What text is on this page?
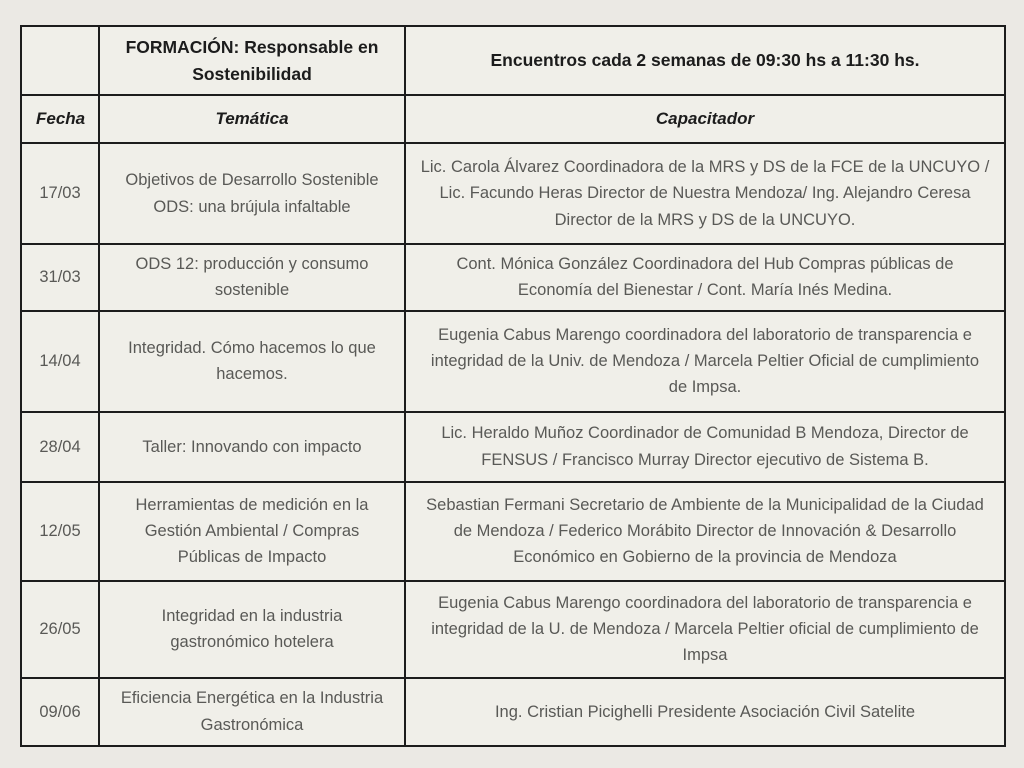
	FORMACIÓN: Responsable en Sostenibilidad	Encuentros cada 2 semanas de 09:30 hs a 11:30 hs.
Fecha	Temática	Capacitador
17/03	Objetivos de Desarrollo Sostenible ODS: una brújula infaltable	Lic. Carola Álvarez Coordinadora de la MRS y DS de la FCE de la UNCUYO / Lic. Facundo Heras Director de Nuestra Mendoza/ Ing. Alejandro Ceresa Director de la MRS y DS de la UNCUYO.
31/03	ODS 12: producción y consumo sostenible	Cont. Mónica González Coordinadora del Hub Compras públicas de Economía del Bienestar / Cont. María Inés Medina.
14/04	Integridad. Cómo hacemos lo que hacemos.	Eugenia Cabus Marengo coordinadora del laboratorio de transparencia e integridad de la Univ. de Mendoza / Marcela Peltier Oficial de cumplimiento de Impsa.
28/04	Taller: Innovando con impacto	Lic. Heraldo Muñoz Coordinador de Comunidad B Mendoza, Director de FENSUS / Francisco Murray Director ejecutivo de Sistema B.
12/05	Herramientas de medición en la Gestión Ambiental / Compras Públicas de Impacto	Sebastian Fermani Secretario de Ambiente de la Municipalidad de la Ciudad de Mendoza / Federico Morábito Director de Innovación & Desarrollo Económico en Gobierno de la provincia de Mendoza
26/05	Integridad en la industria gastronómico hotelera	Eugenia Cabus Marengo coordinadora del laboratorio de transparencia e integridad de la U. de Mendoza / Marcela Peltier oficial de cumplimiento de Impsa
09/06	Eficiencia Energética en la Industria Gastronómica	Ing. Cristian Picighelli Presidente Asociación Civil Satelite
